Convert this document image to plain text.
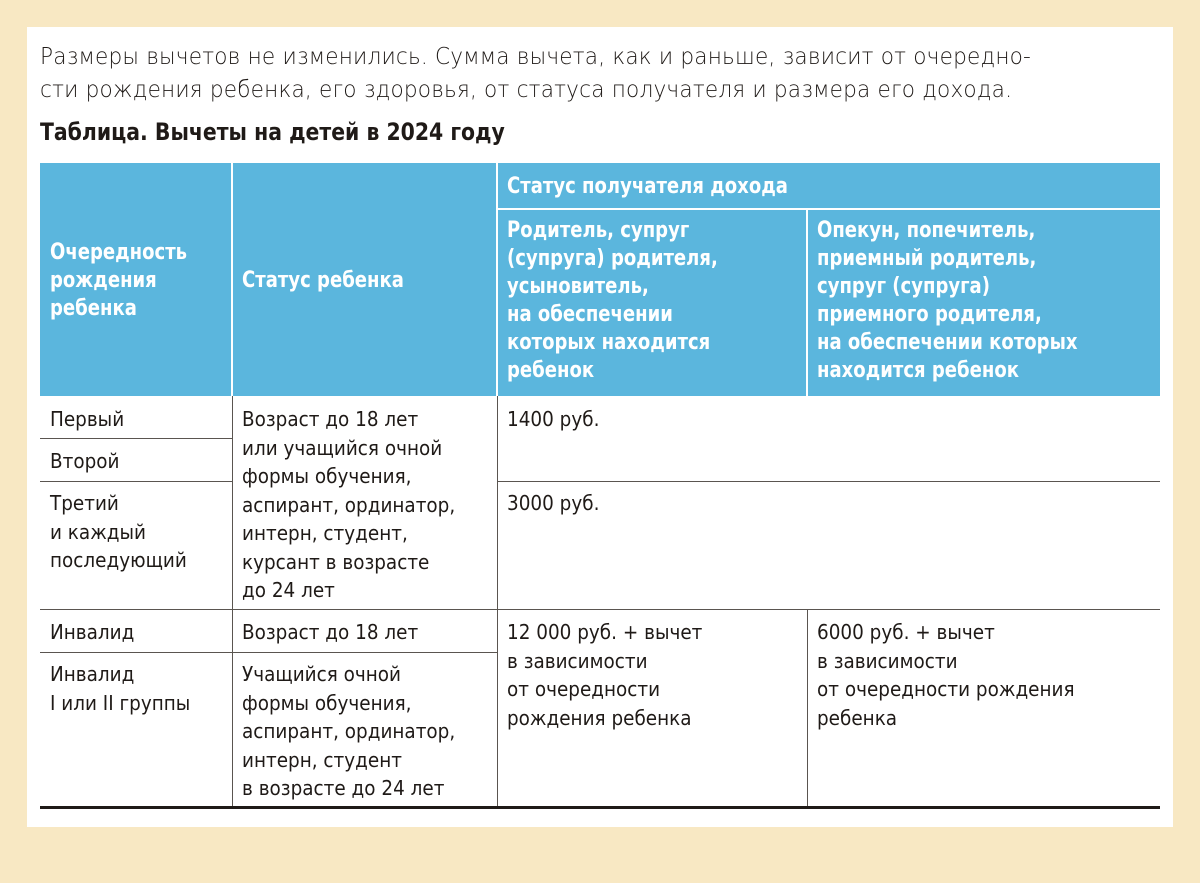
Размеры вычетов не изменились. Сумма вычета, как и раньше, зависит от очередно-
сти рождения ребенка, его здоровья, от статуса получателя и размера его дохода.
Таблица. Вычеты на детей в 2024 году
Очередность
рождения
ребенка
Статус ребенка
Статус получателя дохода
Родитель, супруг
(супруга) родителя,
усыновитель,
на обеспечении
которых находится
ребенок
Опекун, попечитель,
приемный родитель,
супруг (супруга)
приемного родителя,
на обеспечении которых
находится ребенок
Первый
Второй
Третий
и каждый
последующий
Возраст до 18 лет
или учащийся очной
формы обучения,
аспирант, ординатор,
интерн, студент,
курсант в возрасте
до 24 лет
1400 руб.
3000 руб.
Инвалид	Возраст до 18 лет
Инвалид
I или II группы
Учащийся очной
формы обучения,
аспирант, ординатор,
интерн, студент
в возрасте до 24 лет
12 000 руб. + вычет
в зависимости
от очередности
рождения ребенка
6000 руб. + вычет
в зависимости
от очередности рождения
ребенка
